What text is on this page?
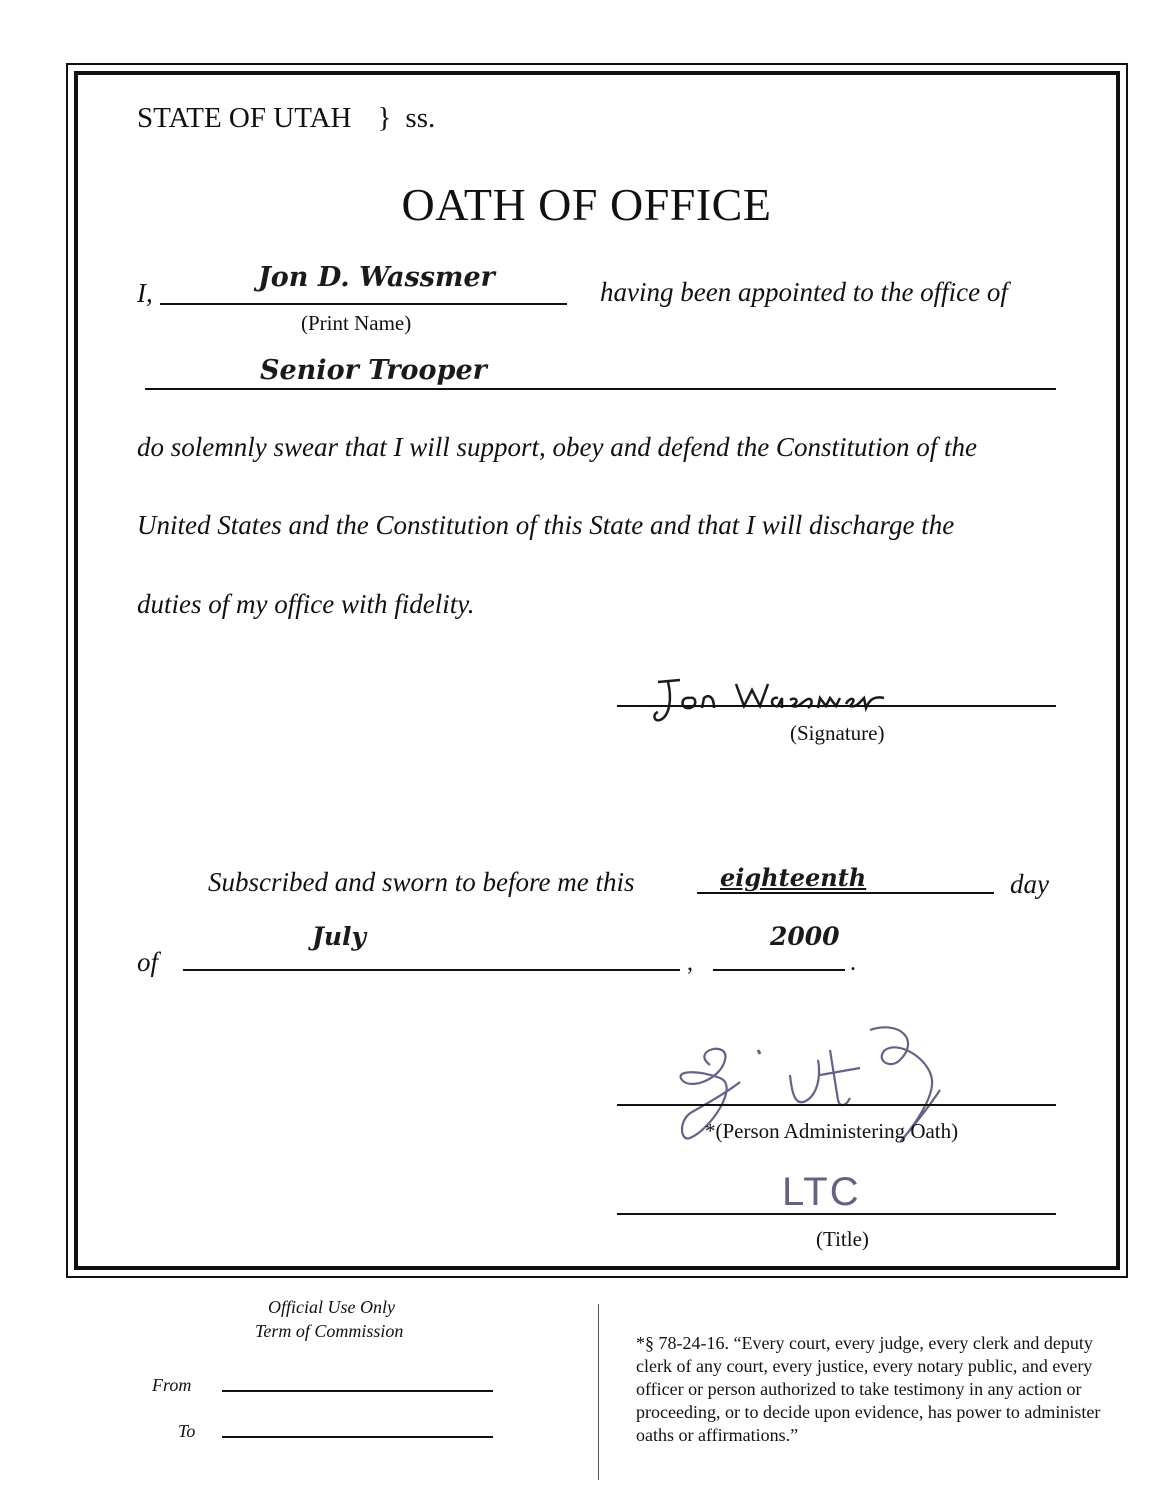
STATE OF UTAH } ss.
OATH OF OFFICE
I,	Jon D. Wassmer
(Print Name)
having been appointed to the office of
Senior Trooper
do solemnly swear that I will support, obey and defend the Constitution of the
United States and the Constitution of this State and that I will discharge the
duties of my office with fidelity.
(Signature)
Subscribed and sworn to before me this	eighteenth	day
of
July
,
2000
.
*(Person Administering Oath)
LTC
(Title)
Official Use Only
Term of Commission
From
To
*§ 78-24-16. “Every court, every judge, every clerk and deputy clerk of any court, every justice, every notary public, and every officer or person authorized to take testimony in any action or proceeding, or to decide upon evidence, has power to administer oaths or affirmations.”
